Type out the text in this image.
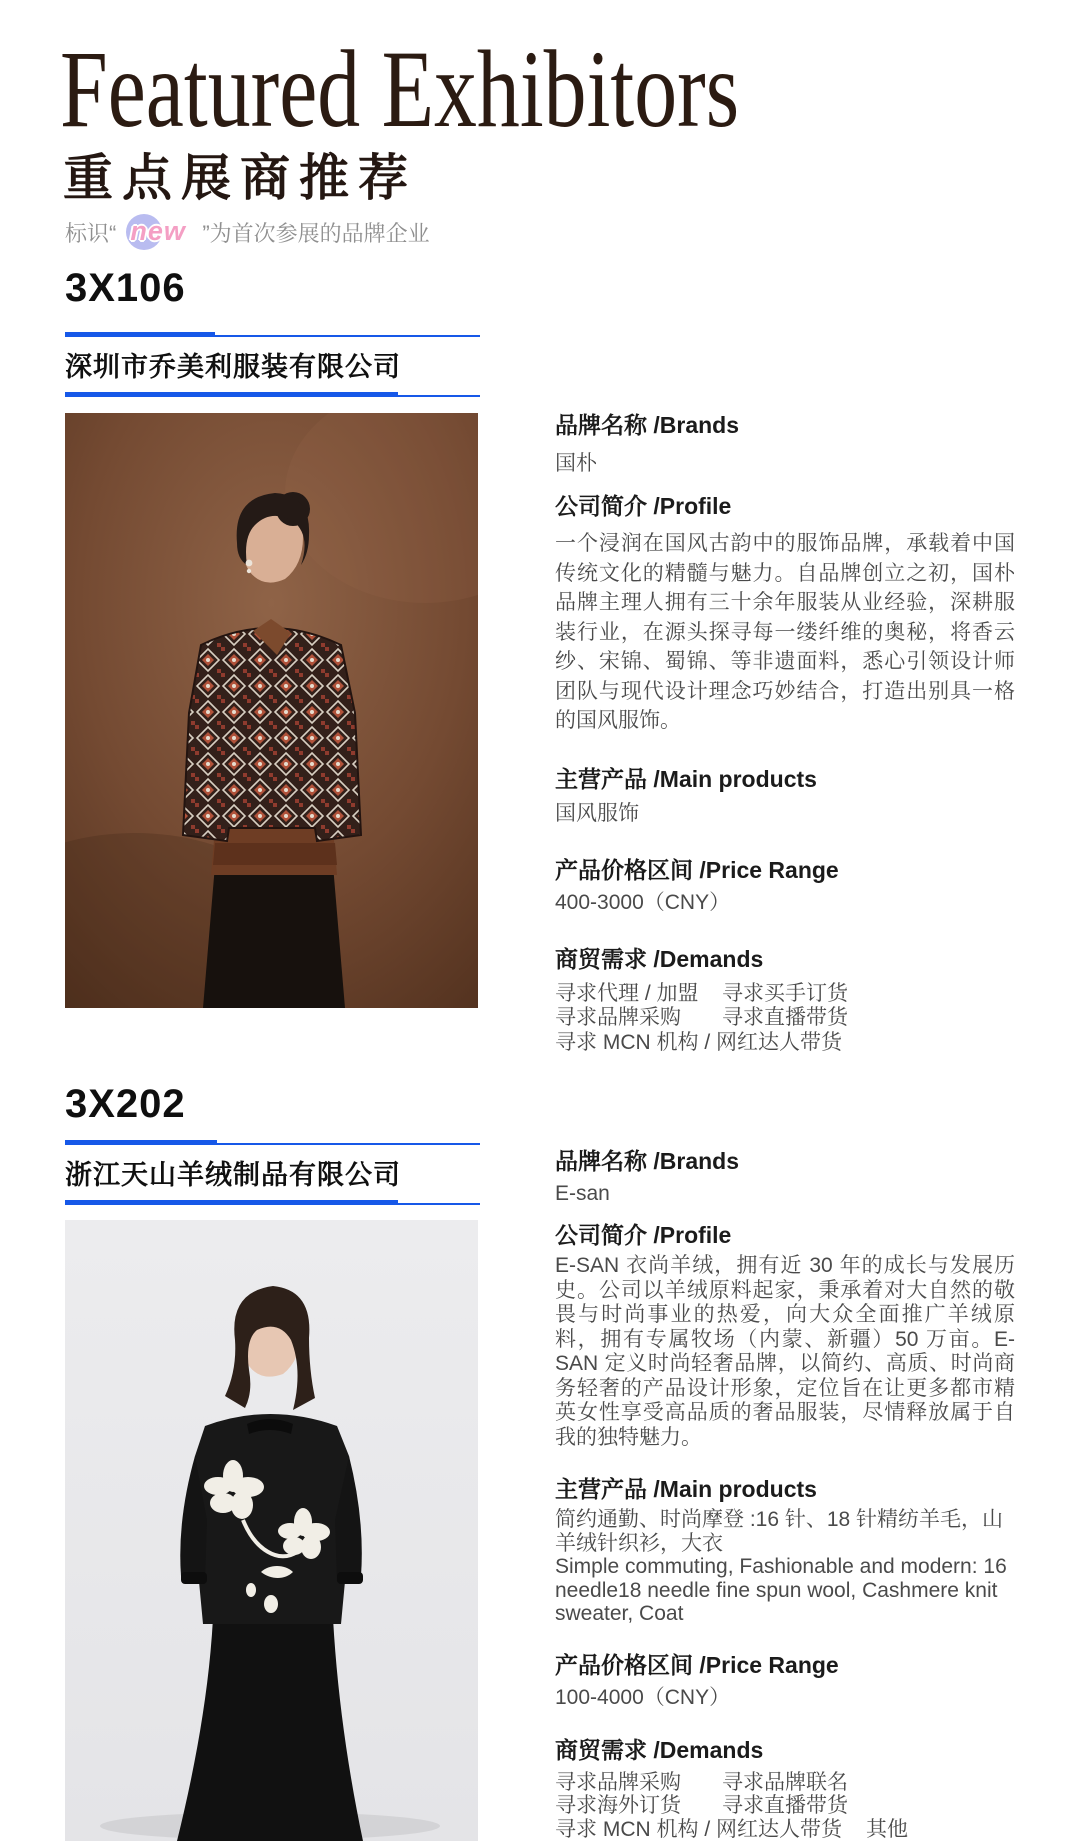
Featured Exhibitors
重点展商推荐
标识“ new ”为首次参展的品牌企业
3X106
深圳市乔美利服装有限公司
品牌名称 /Brands
国朴
公司简介 /Profile
一个浸润在国风古韵中的服饰品牌，承载着中国传统文化的精髓与魅力。自品牌创立之初，国朴品牌主理人拥有三十余年服装从业经验，深耕服装行业，在源头探寻每一缕纤维的奥秘，将香云纱、宋锦、蜀锦、等非遗面料，悉心引领设计师团队与现代设计理念巧妙结合，打造出别具一格的国风服饰。
主营产品 /Main products
国风服饰
产品价格区间 /Price Range
400-3000（CNY）
商贸需求 /Demands
寻求代理 / 加盟	寻求买手订货
寻求品牌采购	寻求直播带货
寻求 MCN 机构 / 网红达人带货
3X202
浙江天山羊绒制品有限公司	品牌名称 /Brands
E-san
公司简介 /Profile
E-SAN 衣尚羊绒，拥有近 30 年的成长与发展历史。公司以羊绒原料起家，秉承着对大自然的敬畏与时尚事业的热爱，向大众全面推广羊绒原料，拥有专属牧场（内蒙、新疆）50 万亩。E-SAN 定义时尚轻奢品牌，以简约、高质、时尚商务轻奢的产品设计形象，定位旨在让更多都市精英女性享受高品质的奢品服装，尽情释放属于自我的独特魅力。
主营产品 /Main products
简约通勤、时尚摩登 :16 针、18 针精纺羊毛，山羊绒针织衫，大衣
Simple commuting, Fashionable and modern: 16 needle18 needle fine spun wool, Cashmere knit sweater, Coat
产品价格区间 /Price Range
100-4000（CNY）
商贸需求 /Demands
寻求品牌采购	寻求品牌联名
寻求海外订货	寻求直播带货
寻求 MCN 机构 / 网红达人带货 其他
